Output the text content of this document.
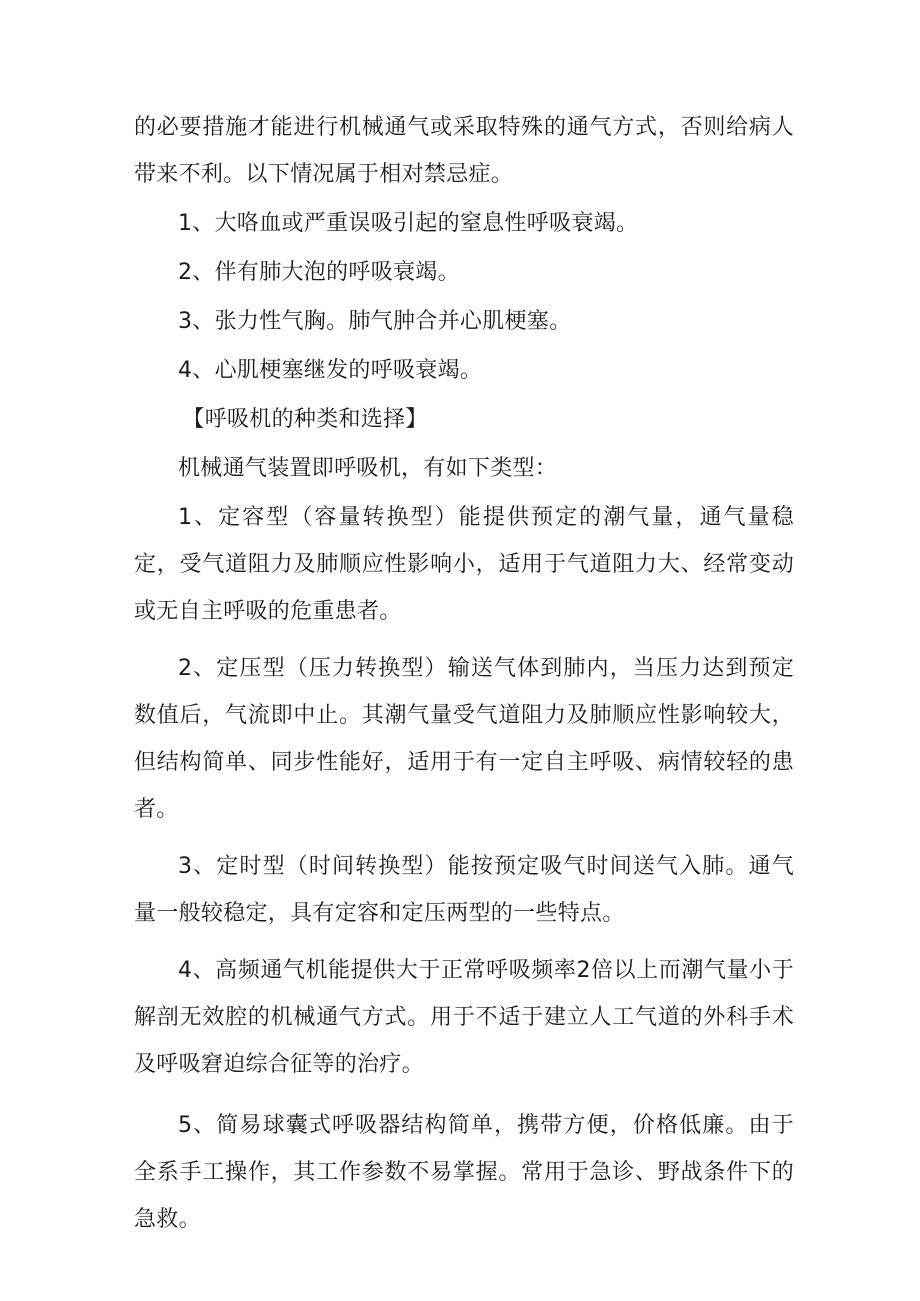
的必要措施才能进行机械通气或采取特殊的通气方式，否则给病人带来不利。以下情况属于相对禁忌症。

1、大咯血或严重误吸引起的窒息性呼吸衰竭。

2、伴有肺大泡的呼吸衰竭。

3、张力性气胸。肺气肿合并心肌梗塞。

4、心肌梗塞继发的呼吸衰竭。

【呼吸机的种类和选择】

机械通气装置即呼吸机，有如下类型：

1、定容型（容量转换型）能提供预定的潮气量，通气量稳定，受气道阻力及肺顺应性影响小，适用于气道阻力大、经常变动或无自主呼吸的危重患者。

2、定压型（压力转换型）输送气体到肺内，当压力达到预定数值后，气流即中止。其潮气量受气道阻力及肺顺应性影响较大，但结构简单、同步性能好，适用于有一定自主呼吸、病情较轻的患者。

3、定时型（时间转换型）能按预定吸气时间送气入肺。通气量一般较稳定，具有定容和定压两型的一些特点。

4、高频通气机能提供大于正常呼吸频率2倍以上而潮气量小于解剖无效腔的机械通气方式。用于不适于建立人工气道的外科手术及呼吸窘迫综合征等的治疗。

5、简易球囊式呼吸器结构简单，携带方便，价格低廉。由于全系手工操作，其工作参数不易掌握。常用于急诊、野战条件下的急救。
